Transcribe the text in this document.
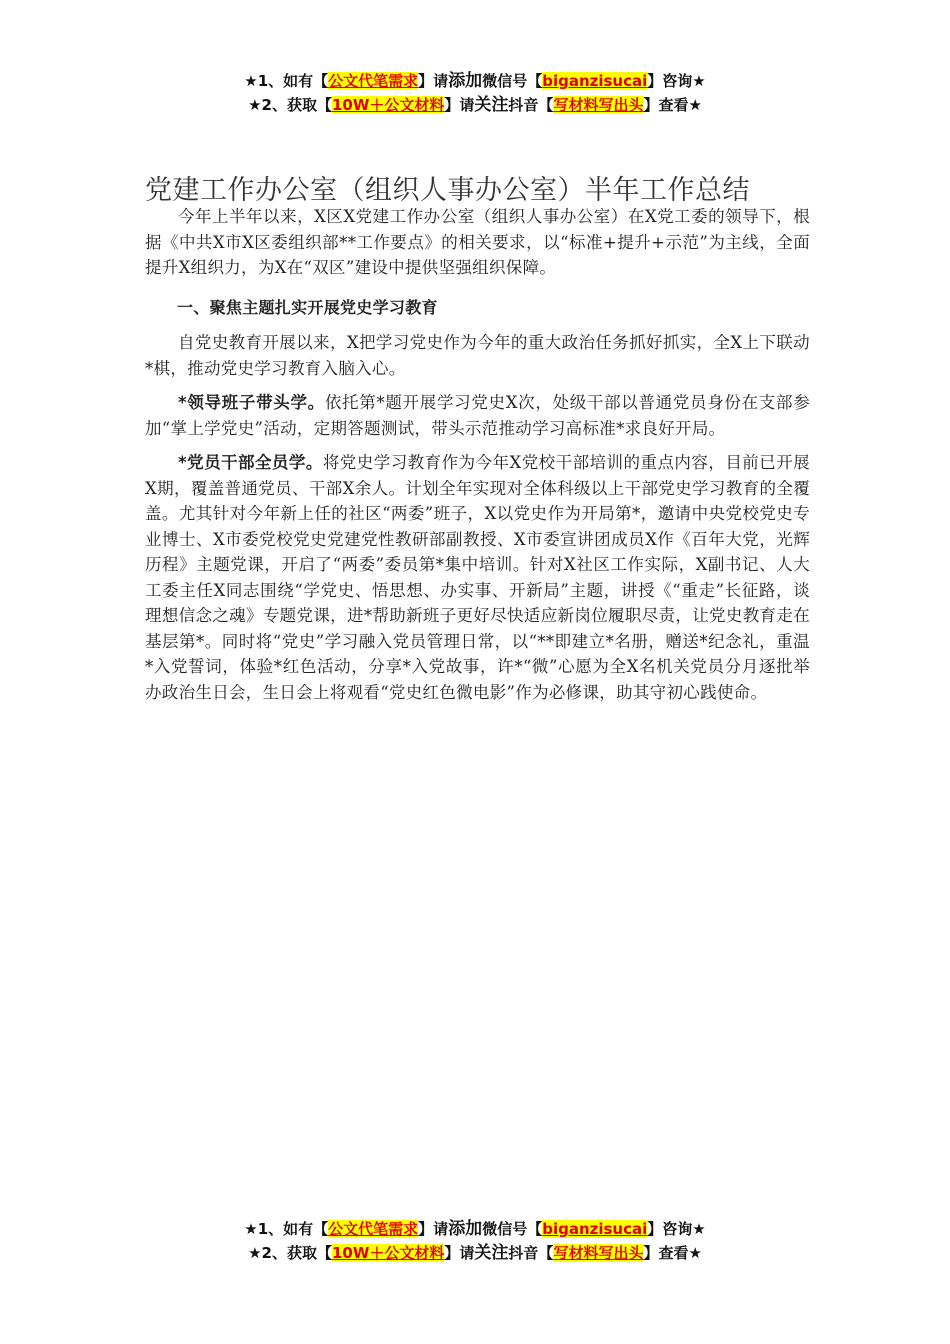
★1、如有【公文代笔需求】请添加微信号【biganzisucai】咨询★
★2、获取【10W＋公文材料】请关注抖音【写材料写出头】查看★
党建工作办公室（组织人事办公室）半年工作总结

今年上半年以来，X区X党建工作办公室（组织人事办公室）在X党工委的领导下，根据《中共X市X区委组织部**工作要点》的相关要求，以“标准+提升+示范”为主线，全面提升X组织力，为X在“双区”建设中提供坚强组织保障。

一、聚焦主题扎实开展党史学习教育

自党史教育开展以来，X把学习党史作为今年的重大政治任务抓好抓实，全X上下联动*棋，推动党史学习教育入脑入心。

*领导班子带头学。依托第*题开展学习党史X次，处级干部以普通党员身份在支部参加“掌上学党史”活动，定期答题测试，带头示范推动学习高标准*求良好开局。

*党员干部全员学。将党史学习教育作为今年X党校干部培训的重点内容，目前已开展X期，覆盖普通党员、干部X余人。计划全年实现对全体科级以上干部党史学习教育的全覆盖。尤其针对今年新上任的社区“两委”班子，X以党史作为开局第*，邀请中央党校党史专业博士、X市委党校党史党建党性教研部副教授、X市委宣讲团成员X作《百年大党，光辉历程》主题党课，开启了“两委”委员第*集中培训。针对X社区工作实际，X副书记、人大工委主任X同志围绕“学党史、悟思想、办实事、开新局”主题，讲授《“重走”长征路，谈理想信念之魂》专题党课，进*帮助新班子更好尽快适应新岗位履职尽责，让党史教育走在基层第*。同时将“党史”学习融入党员管理日常，以“**即建立*名册，赠送*纪念礼，重温*入党誓词，体验*红色活动，分享*入党故事，许*“微”心愿为全X名机关党员分月逐批举办政治生日会，生日会上将观看“党史红色微电影”作为必修课，助其守初心践使命。

★1、如有【公文代笔需求】请添加微信号【biganzisucai】咨询★
★2、获取【10W＋公文材料】请关注抖音【写材料写出头】查看★
